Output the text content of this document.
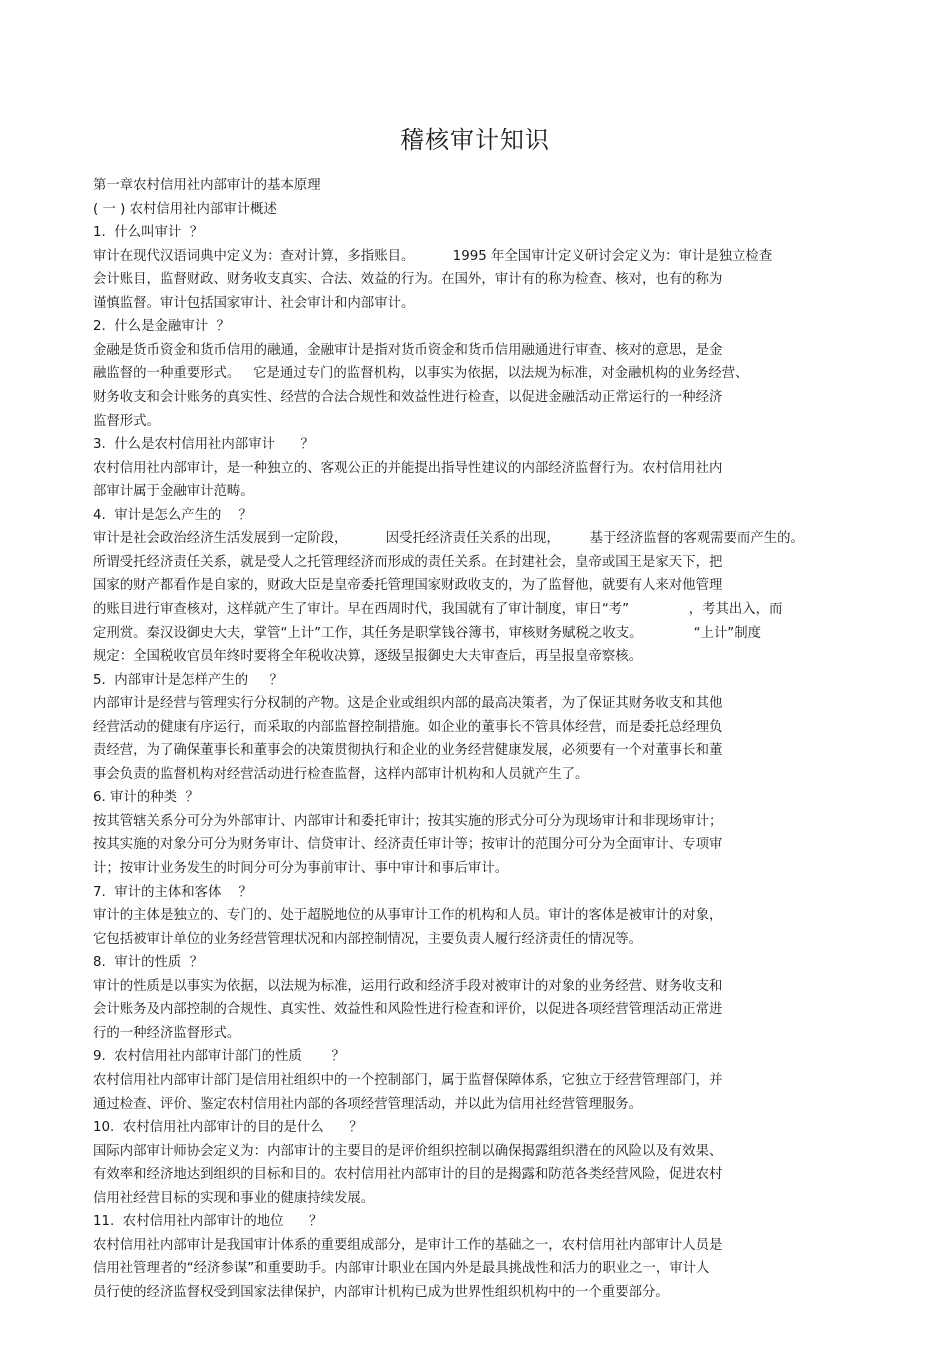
稽核审计知识
第一章农村信用社内部审计的基本原理
( 一 ) 农村信用社内部审计概述
1.  什么叫审计  ？
审计在现代汉语词典中定义为：查对计算，多指账目。         1995 年全国审计定义研讨会定义为：审计是独立检查
会计账目，监督财政、财务收支真实、合法、效益的行为。在国外，审计有的称为检查、核对，也有的称为
谨慎监督。审计包括国家审计、社会审计和内部审计。
2.  什么是金融审计  ？
金融是货币资金和货币信用的融通，金融审计是指对货币资金和货币信用融通进行审查、核对的意思，是金
融监督的一种重要形式。   它是通过专门的监督机构，以事实为依据，以法规为标准，对金融机构的业务经营、
财务收支和会计账务的真实性、经营的合法合规性和效益性进行检查，以促进金融活动正常运行的一种经济
监督形式。
3.  什么是农村信用社内部审计      ？
农村信用社内部审计，是一种独立的、客观公正的并能提出指导性建议的内部经济监督行为。农村信用社内
部审计属于金融审计范畴。
4.  审计是怎么产生的    ？
审计是社会政治经济生活发展到一定阶段，         因受托经济责任关系的出现，       基于经济监督的客观需要而产生的。
所谓受托经济责任关系，就是受人之托管理经济而形成的责任关系。在封建社会，皇帝或国王是家天下，把
国家的财产都看作是自家的，财政大臣是皇帝委托管理国家财政收支的，为了监督他，就要有人来对他管理
的账目进行审查核对，这样就产生了审计。早在西周时代，我国就有了审计制度，审日“考”              ，考其出入，而
定刑赏。秦汉设御史大夫，掌管“上计”工作，其任务是职掌钱谷簿书，审核财务赋税之收支。            “上计”制度
规定：全国税收官员年终时要将全年税收决算，逐级呈报御史大夫审查后，再呈报皇帝察核。
5.  内部审计是怎样产生的     ？
内部审计是经营与管理实行分权制的产物。这是企业或组织内部的最高决策者，为了保证其财务收支和其他
经营活动的健康有序运行，而采取的内部监督控制措施。如企业的董事长不管具体经营，而是委托总经理负
责经营，为了确保董事长和董事会的决策贯彻执行和企业的业务经营健康发展，必须要有一个对董事长和董
事会负责的监督机构对经营活动进行检查监督，这样内部审计机构和人员就产生了。
6. 审计的种类  ？
按其管辖关系分可分为外部审计、内部审计和委托审计；按其实施的形式分可分为现场审计和非现场审计；
按其实施的对象分可分为财务审计、信贷审计、经济责任审计等；按审计的范围分可分为全面审计、专项审
计；按审计业务发生的时间分可分为事前审计、事中审计和事后审计。
7.  审计的主体和客体    ？
审计的主体是独立的、专门的、处于超脱地位的从事审计工作的机构和人员。审计的客体是被审计的对象，
它包括被审计单位的业务经营管理状况和内部控制情况，主要负责人履行经济责任的情况等。
8.  审计的性质  ？
审计的性质是以事实为依据，以法规为标准，运用行政和经济手段对被审计的对象的业务经营、财务收支和
会计账务及内部控制的合规性、真实性、效益性和风险性进行检查和评价，以促进各项经营管理活动正常进
行的一种经济监督形式。
9.  农村信用社内部审计部门的性质       ？
农村信用社内部审计部门是信用社组织中的一个控制部门，属于监督保障体系，它独立于经营管理部门，并
通过检查、评价、鉴定农村信用社内部的各项经营管理活动，并以此为信用社经营管理服务。
10.  农村信用社内部审计的目的是什么      ？
国际内部审计师协会定义为：内部审计的主要目的是评价组织控制以确保揭露组织潜在的风险以及有效果、
有效率和经济地达到组织的目标和目的。农村信用社内部审计的目的是揭露和防范各类经营风险，促进农村
信用社经营目标的实现和事业的健康持续发展。
11.  农村信用社内部审计的地位      ？
农村信用社内部审计是我国审计体系的重要组成部分，是审计工作的基础之一，农村信用社内部审计人员是
信用社管理者的“经济参谋”和重要助手。内部审计职业在国内外是最具挑战性和活力的职业之一，审计人
员行使的经济监督权受到国家法律保护，内部审计机构已成为世界性组织机构中的一个重要部分。
